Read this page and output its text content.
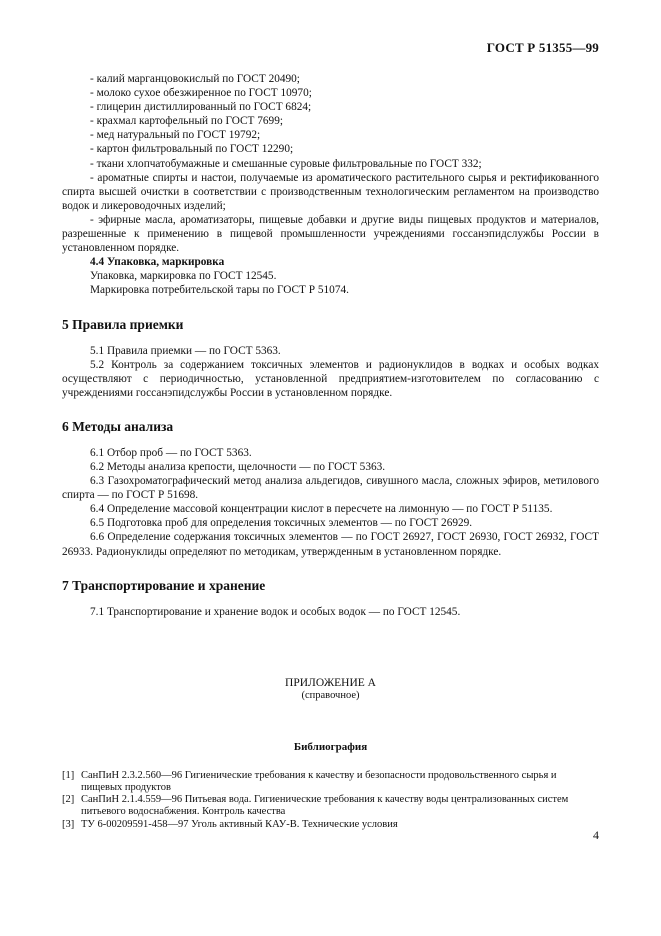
ГОСТ Р 51355—99

- калий марганцовокислый по ГОСТ 20490;

- молоко сухое обезжиренное по ГОСТ 10970;

- глицерин дистиллированный по ГОСТ 6824;

- крахмал картофельный по ГОСТ 7699;

- мед натуральный по ГОСТ 19792;

- картон фильтровальный по ГОСТ 12290;

- ткани хлопчатобумажные и смешанные суровые фильтровальные по ГОСТ 332;

- ароматные спирты и настои, получаемые из ароматического растительного сырья и ректификованного спирта высшей очистки в соответствии с производственным технологическим регламентом на производство водок и ликероводочных изделий;

- эфирные масла, ароматизаторы, пищевые добавки и другие виды пищевых продуктов и материалов, разрешенные к применению в пищевой промышленности учреждениями госсанэпидслужбы России в установленном порядке.

4.4 Упаковка, маркировка

Упаковка, маркировка по ГОСТ 12545.

Маркировка потребительской тары по ГОСТ Р 51074.

5 Правила приемки

5.1 Правила приемки — по ГОСТ 5363.

5.2 Контроль за содержанием токсичных элементов и радионуклидов в водках и особых водках осуществляют с периодичностью, установленной предприятием-изготовителем по согласованию с учреждениями госсанэпидслужбы России в установленном порядке.

6 Методы анализа

6.1 Отбор проб — по ГОСТ 5363.

6.2 Методы анализа крепости, щелочности — по ГОСТ 5363.

6.3 Газохроматографический метод анализа альдегидов, сивушного масла, сложных эфиров, метилового спирта — по ГОСТ Р 51698.

6.4 Определение массовой концентрации кислот в пересчете на лимонную — по ГОСТ Р 51135.

6.5 Подготовка проб для определения токсичных элементов — по ГОСТ 26929.

6.6 Определение содержания токсичных элементов — по ГОСТ 26927, ГОСТ 26930, ГОСТ 26932, ГОСТ 26933. Радионуклиды определяют по методикам, утвержденным в установленном порядке.

7 Транспортирование и хранение

7.1 Транспортирование и хранение водок и особых водок — по ГОСТ 12545.

ПРИЛОЖЕНИЕ А
(справочное)
Библиография
[1] СанПиН 2.3.2.560—96 Гигиенические требования к качеству и безопасности продовольственного сырья и пищевых продуктов
[2] СанПиН 2.1.4.559—96 Питьевая вода. Гигиенические требования к качеству воды централизованных систем питьевого водоснабжения. Контроль качества
[3] ТУ 6-00209591-458—97 Уголь активный КАУ-В. Технические условия
4
